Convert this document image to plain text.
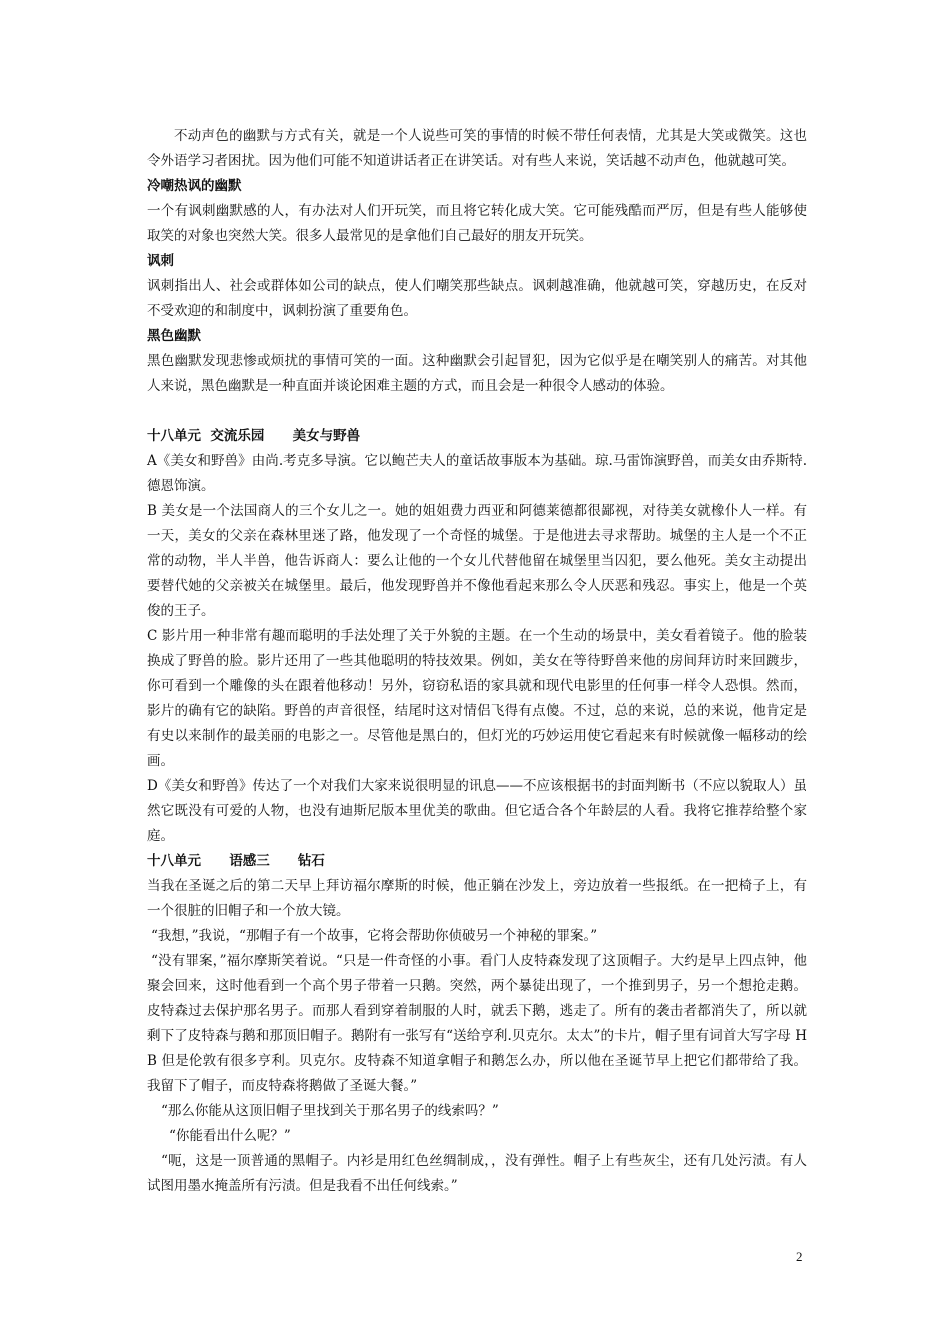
不动声色的幽默与方式有关，就是一个人说些可笑的事情的时候不带任何表情，尤其是大笑或微笑。这也令外语学习者困扰。因为他们可能不知道讲话者正在讲笑话。对有些人来说，笑话越不动声色，他就越可笑。

冷嘲热讽的幽默

一个有讽刺幽默感的人，有办法对人们开玩笑，而且将它转化成大笑。它可能残酷而严厉，但是有些人能够使取笑的对象也突然大笑。很多人最常见的是拿他们自己最好的朋友开玩笑。

讽刺

讽刺指出人、社会或群体如公司的缺点，使人们嘲笑那些缺点。讽刺越准确，他就越可笑，穿越历史，在反对不受欢迎的和制度中，讽刺扮演了重要角色。

黑色幽默

黑色幽默发现悲惨或烦扰的事情可笑的一面。这种幽默会引起冒犯，因为它似乎是在嘲笑别人的痛苦。对其他人来说，黑色幽默是一种直面并谈论困难主题的方式，而且会是一种很令人感动的体验。

十八单元  交流乐园      美女与野兽

A《美女和野兽》由尚.考克多导演。它以鲍芒夫人的童话故事版本为基础。琼.马雷饰演野兽，而美女由乔斯特.德恩饰演。

B 美女是一个法国商人的三个女儿之一。她的姐姐费力西亚和阿德莱德都很鄙视，对待美女就橡仆人一样。有一天，美女的父亲在森林里迷了路，他发现了一个奇怪的城堡。于是他进去寻求帮助。城堡的主人是一个不正常的动物，半人半兽，他告诉商人：要么让他的一个女儿代替他留在城堡里当囚犯，要么他死。美女主动提出要替代她的父亲被关在城堡里。最后，他发现野兽并不像他看起来那么令人厌恶和残忍。事实上，他是一个英俊的王子。

C 影片用一种非常有趣而聪明的手法处理了关于外貌的主题。在一个生动的场景中，美女看着镜子。他的脸装换成了野兽的脸。影片还用了一些其他聪明的特技效果。例如，美女在等待野兽来他的房间拜访时来回踱步，你可看到一个雕像的头在跟着他移动！另外，窃窃私语的家具就和现代电影里的任何事一样令人恐惧。然而，影片的确有它的缺陷。野兽的声音很怪，结尾时这对情侣飞得有点傻。不过，总的来说，总的来说，他肯定是有史以来制作的最美丽的电影之一。尽管他是黑白的，但灯光的巧妙运用使它看起来有时候就像一幅移动的绘画。

D《美女和野兽》传达了一个对我们大家来说很明显的讯息——不应该根据书的封面判断书（不应以貌取人）虽然它既没有可爱的人物，也没有迪斯尼版本里优美的歌曲。但它适合各个年龄层的人看。我将它推荐给整个家庭。

十八单元      语感三      钻石

当我在圣诞之后的第二天早上拜访福尔摩斯的时候，他正躺在沙发上，旁边放着一些报纸。在一把椅子上，有一个很脏的旧帽子和一个放大镜。

“我想，”我说，“那帽子有一个故事，它将会帮助你侦破另一个神秘的罪案。”

“没有罪案，”福尔摩斯笑着说。“只是一件奇怪的小事。看门人皮特森发现了这顶帽子。大约是早上四点钟，他聚会回来，这时他看到一个高个男子带着一只鹅。突然，两个暴徒出现了，一个推到男子，另一个想抢走鹅。皮特森过去保护那名男子。而那人看到穿着制服的人时，就丢下鹅，逃走了。所有的袭击者都消失了，所以就剩下了皮特森与鹅和那顶旧帽子。鹅附有一张写有“送给亨利.贝克尔。太太”的卡片，帽子里有词首大写字母 HB 但是伦敦有很多亨利。贝克尔。皮特森不知道拿帽子和鹅怎么办，所以他在圣诞节早上把它们都带给了我。我留下了帽子，而皮特森将鹅做了圣诞大餐。”

“那么你能从这顶旧帽子里找到关于那名男子的线索吗？”

“你能看出什么呢？”

“呃，这是一顶普通的黑帽子。内衫是用红色丝绸制成，，没有弹性。帽子上有些灰尘，还有几处污渍。有人试图用墨水掩盖所有污渍。但是我看不出任何线索。”

2
